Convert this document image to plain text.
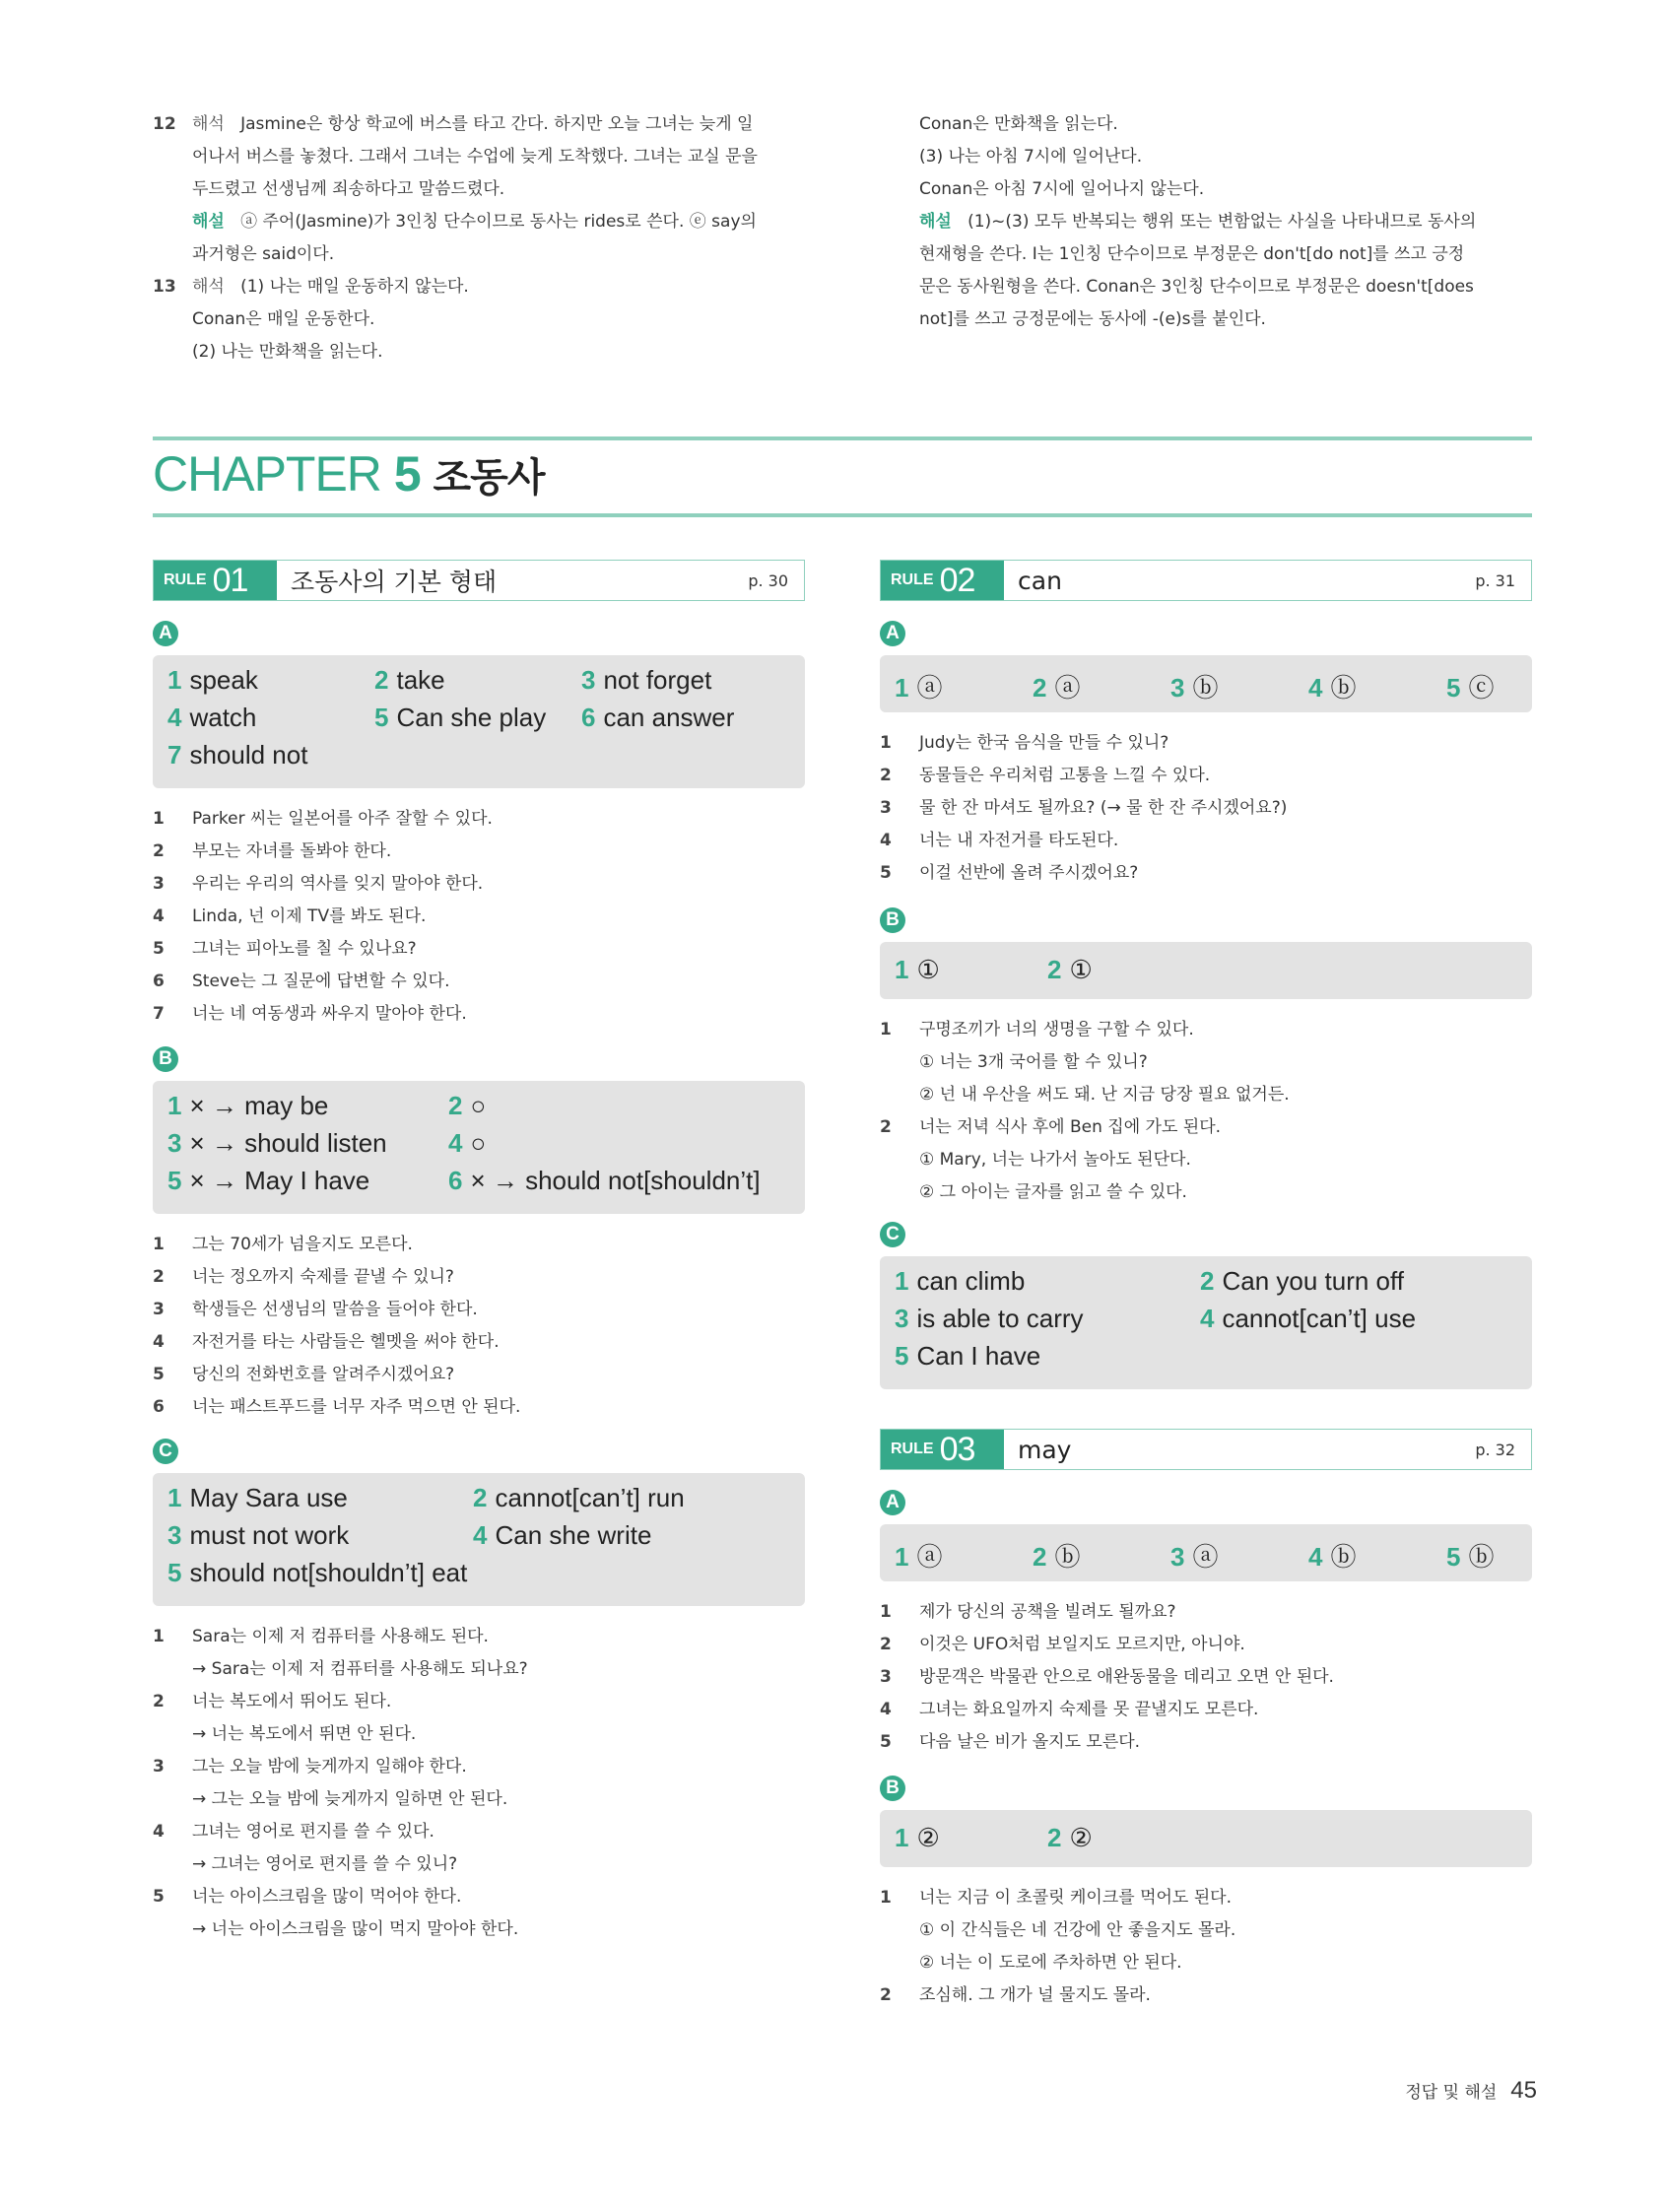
12 해석 Jasmine은 항상 학교에 버스를 타고 간다. 하지만 오늘 그녀는 늦게 일
어나서 버스를 놓쳤다. 그래서 그녀는 수업에 늦게 도착했다. 그녀는 교실 문을
두드렸고 선생님께 죄송하다고 말씀드렸다.
해설 ⓐ 주어(Jasmine)가 3인칭 단수이므로 동사는 rides로 쓴다. ⓔ say의
과거형은 said이다.
13 해석 (1) 나는 매일 운동하지 않는다.
Conan은 매일 운동한다.
(2) 나는 만화책을 읽는다.
Conan은 만화책을 읽는다.
(3) 나는 아침 7시에 일어난다.
Conan은 아침 7시에 일어나지 않는다.
해설 (1)~(3) 모두 반복되는 행위 또는 변함없는 사실을 나타내므로 동사의
현재형을 쓴다. I는 1인칭 단수이므로 부정문은 don't[do not]를 쓰고 긍정
문은 동사원형을 쓴다. Conan은 3인칭 단수이므로 부정문은 doesn't[does
not]를 쓰고 긍정문에는 동사에 -(e)s를 붙인다.
CHAPTER 5 조동사
RULE 01 조동사의 기본 형태	p. 30
A
1 speak	2 take	3 not forget
4 watch	5 Can she play 6 can answer
7 should not
1 Parker 씨는 일본어를 아주 잘할 수 있다.
2 부모는 자녀를 돌봐야 한다.
3 우리는 우리의 역사를 잊지 말아야 한다.
4 Linda, 넌 이제 TV를 봐도 된다.
5 그녀는 피아노를 칠 수 있나요?
6 Steve는 그 질문에 답변할 수 있다.
7 너는 네 여동생과 싸우지 말아야 한다.
B
1 × → may be	2 ○
3 × → should listen 4 ○
5 × → May I have	6 × → should not[shouldn’t]
1 그는 70세가 넘을지도 모른다.
2 너는 정오까지 숙제를 끝낼 수 있니?
3 학생들은 선생님의 말씀을 들어야 한다.
4 자전거를 타는 사람들은 헬멧을 써야 한다.
5 당신의 전화번호를 알려주시겠어요?
6 너는 패스트푸드를 너무 자주 먹으면 안 된다.
C
1 May Sara use	2 cannot[can’t] run
3 must not work	4 Can she write
5 should not[shouldn’t] eat
1 Sara는 이제 저 컴퓨터를 사용해도 된다.
→ Sara는 이제 저 컴퓨터를 사용해도 되나요?
2 너는 복도에서 뛰어도 된다.
→ 너는 복도에서 뛰면 안 된다.
3 그는 오늘 밤에 늦게까지 일해야 한다.
→ 그는 오늘 밤에 늦게까지 일하면 안 된다.
4 그녀는 영어로 편지를 쓸 수 있다.
→ 그녀는 영어로 편지를 쓸 수 있니?
5 너는 아이스크림을 많이 먹어야 한다.
→ 너는 아이스크림을 많이 먹지 말아야 한다.
RULE 02 can	p. 31
A
1 ⓐ	2 ⓐ	3 ⓑ	4 ⓑ	5 ⓒ
1 Judy는 한국 음식을 만들 수 있니?
2 동물들은 우리처럼 고통을 느낄 수 있다.
3 물 한 잔 마셔도 될까요? (→ 물 한 잔 주시겠어요?)
4 너는 내 자전거를 타도된다.
5 이걸 선반에 올려 주시겠어요?
B
1 ①	2 ①
1 구명조끼가 너의 생명을 구할 수 있다.
① 너는 3개 국어를 할 수 있니?
② 넌 내 우산을 써도 돼. 난 지금 당장 필요 없거든.
2 너는 저녁 식사 후에 Ben 집에 가도 된다.
① Mary, 너는 나가서 놀아도 된단다.
② 그 아이는 글자를 읽고 쓸 수 있다.
C
1 can climb	2 Can you turn off
3 is able to carry	4 cannot[can’t] use
5 Can I have
RULE 03 may	p. 32
A
1 ⓐ	2 ⓑ	3 ⓐ	4 ⓑ	5 ⓑ
1 제가 당신의 공책을 빌려도 될까요?
2 이것은 UFO처럼 보일지도 모르지만, 아니야.
3 방문객은 박물관 안으로 애완동물을 데리고 오면 안 된다.
4 그녀는 화요일까지 숙제를 못 끝낼지도 모른다.
5 다음 날은 비가 올지도 모른다.
B
1 ②	2 ②
1 너는 지금 이 초콜릿 케이크를 먹어도 된다.
① 이 간식들은 네 건강에 안 좋을지도 몰라.
② 너는 이 도로에 주차하면 안 된다.
2 조심해. 그 개가 널 물지도 몰라.
정답 및 해설 45
